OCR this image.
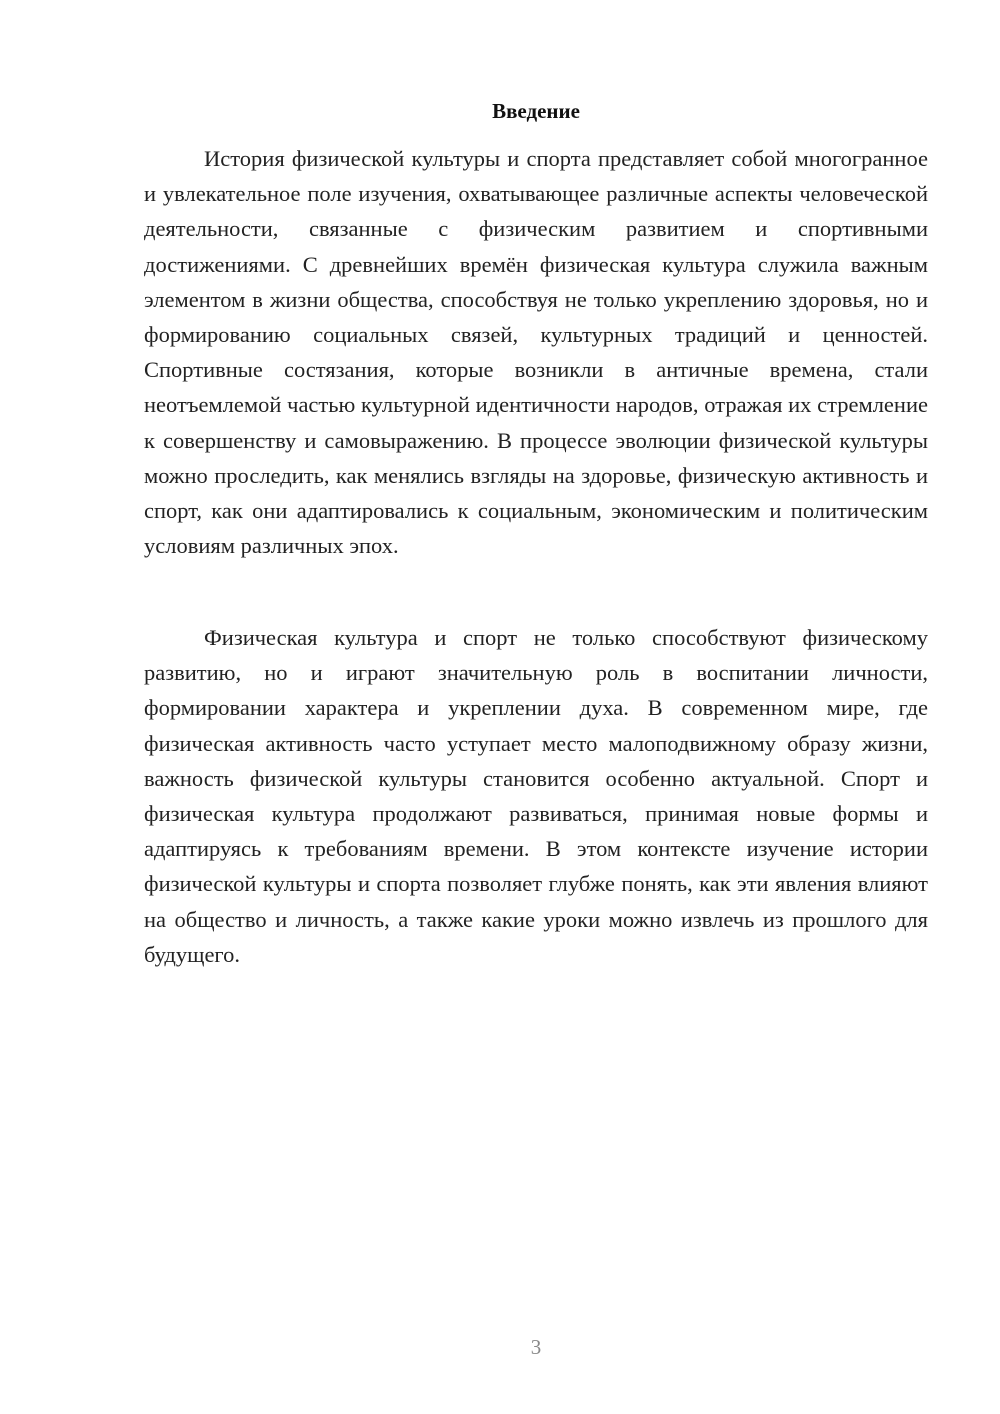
Введение

История физической культуры и спорта представляет собой многогранное и увлекательное поле изучения, охватывающее различные аспекты человеческой деятельности, связанные с физическим развитием и спортивными достижениями. С древнейших времён физическая культура служила важным элементом в жизни общества, способствуя не только укреплению здоровья, но и формированию социальных связей, культурных традиций и ценностей. Спортивные состязания, которые возникли в античные времена, стали неотъемлемой частью культурной идентичности народов, отражая их стремление к совершенству и самовыражению. В процессе эволюции физической культуры можно проследить, как менялись взгляды на здоровье, физическую активность и спорт, как они адаптировались к социальным, экономическим и политическим условиям различных эпох.

Физическая культура и спорт не только способствуют физическому развитию, но и играют значительную роль в воспитании личности, формировании характера и укреплении духа. В современном мире, где физическая активность часто уступает место малоподвижному образу жизни, важность физической культуры становится особенно актуальной. Спорт и физическая культура продолжают развиваться, принимая новые формы и адаптируясь к требованиям времени. В этом контексте изучение истории физической культуры и спорта позволяет глубже понять, как эти явления влияют на общество и личность, а также какие уроки можно извлечь из прошлого для будущего.

3
